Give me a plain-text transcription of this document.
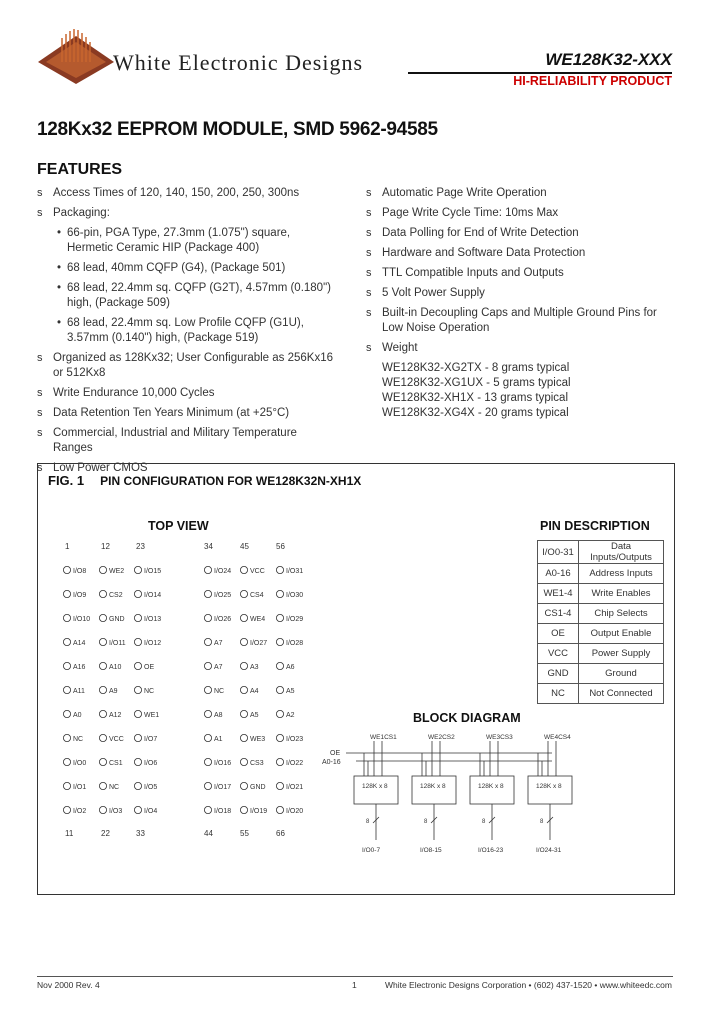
White Electronic Designs	WE128K32-XXX
HI-RELIABILITY PRODUCT
128Kx32 EEPROM MODULE, SMD 5962-94585
FEATURES
s Access Times of 120, 140, 150, 200, 250, 300ns
s Packaging:
• 66-pin, PGA Type, 27.3mm (1.075") square, Hermetic Ceramic HIP (Package 400)
• 68 lead, 40mm CQFP (G4), (Package 501)
• 68 lead, 22.4mm sq. CQFP (G2T), 4.57mm (0.180") high, (Package 509)
• 68 lead, 22.4mm sq. Low Profile CQFP (G1U), 3.57mm (0.140") high, (Package 519)
s Organized as 128Kx32; User Configurable as 256Kx16 or 512Kx8
s Write Endurance 10,000 Cycles
s Data Retention Ten Years Minimum (at +25°C)
s Commercial, Industrial and Military Temperature Ranges
s Low Power CMOS
s Automatic Page Write Operation
s Page Write Cycle Time: 10ms Max
s Data Polling for End of Write Detection
s Hardware and Software Data Protection
s TTL Compatible Inputs and Outputs
s 5 Volt Power Supply
s Built-in Decoupling Caps and Multiple Ground Pins for Low Noise Operation
s Weight
WE128K32-XG2TX - 8 grams typical
WE128K32-XG1UX - 5 grams typical
WE128K32-XH1X - 13 grams typical
WE128K32-XG4X - 20 grams typical
FIG. 1 PIN CONFIGURATION FOR WE128K32N-XH1X
TOP VIEW
1	12	23	34	45	56
11	22	33	44	55	66
I/O8	WE2	I/O15
I/O9	CS2	I/O14
I/O10	GND	I/O13
A14	I/O11	I/O12
A16	A10	OE
A11	A9	NC
A0	A12	WE1
NC	VCC	I/O7
I/O0	CS1	I/O6
I/O1	NC	I/O5
I/O2	I/O3	I/O4
I/O24	VCC	I/O31
I/O25	CS4	I/O30
I/O26	WE4	I/O29
A7	I/O27	I/O28
A7	A3	A6
NC	A4	A5
A8	A5	A2
A1	WE3	I/O23
I/O16	CS3	I/O22
I/O17	GND	I/O21
I/O18	I/O19	I/O20
PIN DESCRIPTION
I/O0-31	Data Inputs/Outputs
A0-16	Address Inputs
WE1-4	Write Enables
CS1-4	Chip Selects
OE	Output Enable
VCC	Power Supply
GND	Ground
NC	Not Connected
BLOCK DIAGRAM
OE
A0-16
WE1CS1	WE2CS2	WE3CS3	WE4CS4
128K x 8
8
I/O0-7
128K x 8
8
I/O8-15
128K x 8
8
I/O16-23
128K x 8
8
I/O24-31
Nov 2000 Rev. 4	1	White Electronic Designs Corporation • (602) 437-1520 • www.whiteedc.com
